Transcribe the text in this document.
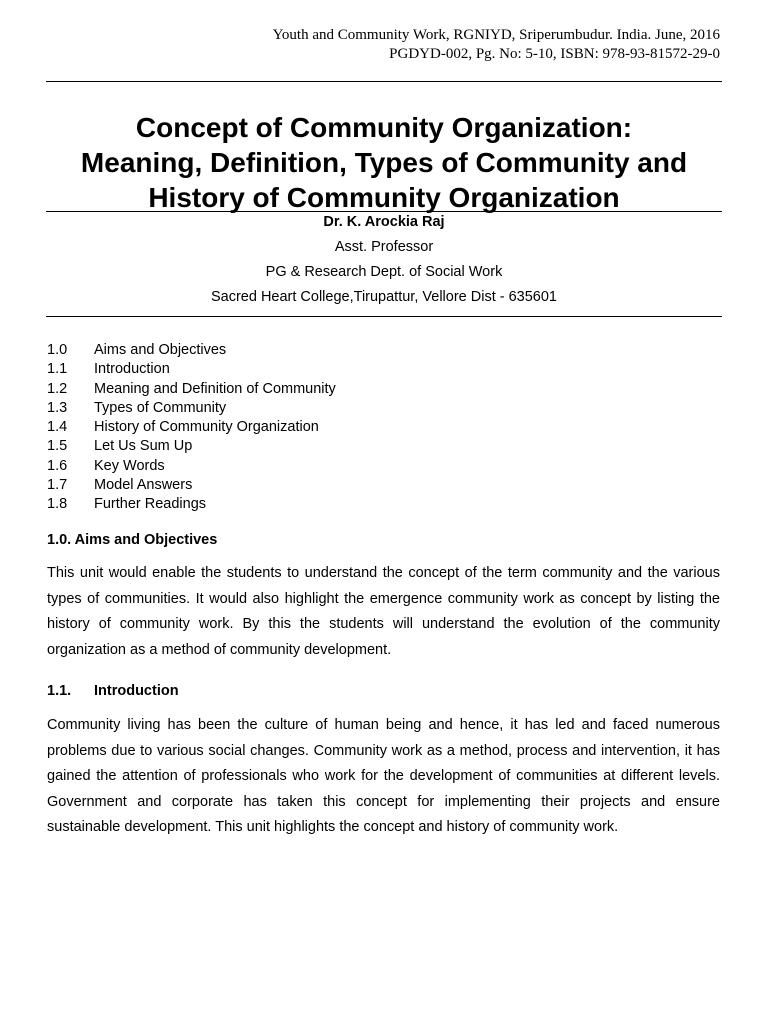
Youth and Community Work, RGNIYD, Sriperumbudur. India. June, 2016
PGDYD-002, Pg. No: 5-10, ISBN: 978-93-81572-29-0
Concept of Community Organization:
Meaning, Definition, Types of Community and
History of Community Organization
Dr. K. Arockia Raj
Asst. Professor
PG & Research Dept. of Social Work
Sacred Heart College,Tirupattur, Vellore Dist - 635601
1.0	Aims and Objectives
1.1	Introduction
1.2	Meaning and Definition of Community
1.3	Types of Community
1.4	History of Community Organization
1.5	Let Us Sum Up
1.6	Key Words
1.7	Model Answers
1.8	Further Readings
1.0. Aims and Objectives

This unit would enable the students to understand the concept of the term community and the various types of communities. It would also highlight the emergence community work as concept by listing the history of community work. By this the students will understand the evolution of the community organization as a method of community development.

1.1. Introduction

Community living has been the culture of human being and hence, it has led and faced numerous problems due to various social changes. Community work as a method, process and intervention, it has gained the attention of professionals who work for the development of communities at different levels. Government and corporate has taken this concept for implementing their projects and ensure sustainable development. This unit highlights the concept and history of community work.
